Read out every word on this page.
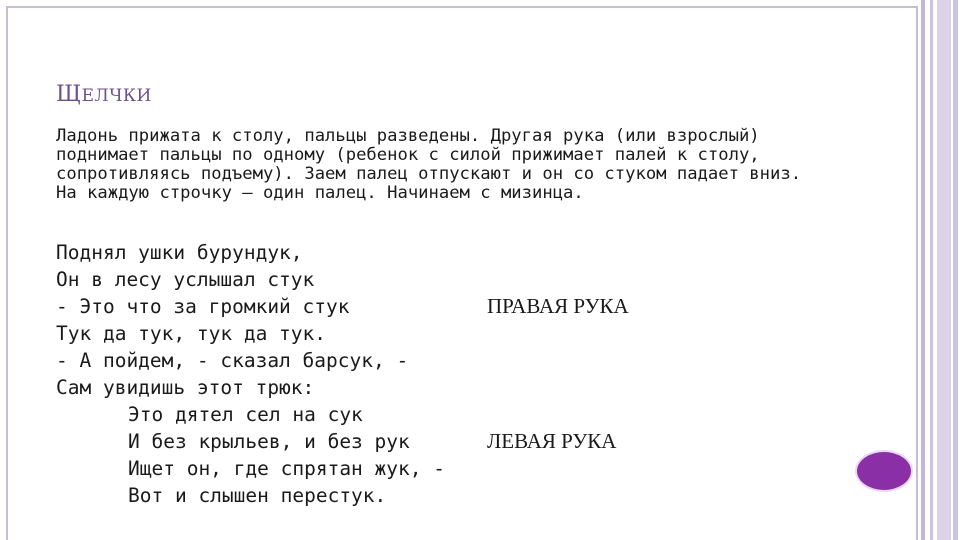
ЩЕЛЧКИ

Ладонь прижата к столу, пальцы разведены. Другая рука (или взрослый) поднимает пальцы по одному (ребенок с силой прижимает палей к столу, сопротивляясь подъему). Заем палец отпускают и он со стуком падает вниз. На каждую строчку – один палец. Начинаем с мизинца.

Поднял ушки бурундук,
Он в лесу услышал стук
- Это что за громкий стук
Тук да тук, тук да тук.
- А пойдем, - сказал барсук, -
Сам увидишь этот трюк:
Это дятел сел на сук
И без крыльев, и без рук
Ищет он, где спрятан жук, -
Вот и слышен перестук.
ПРАВАЯ РУКА
ЛЕВАЯ РУКА
